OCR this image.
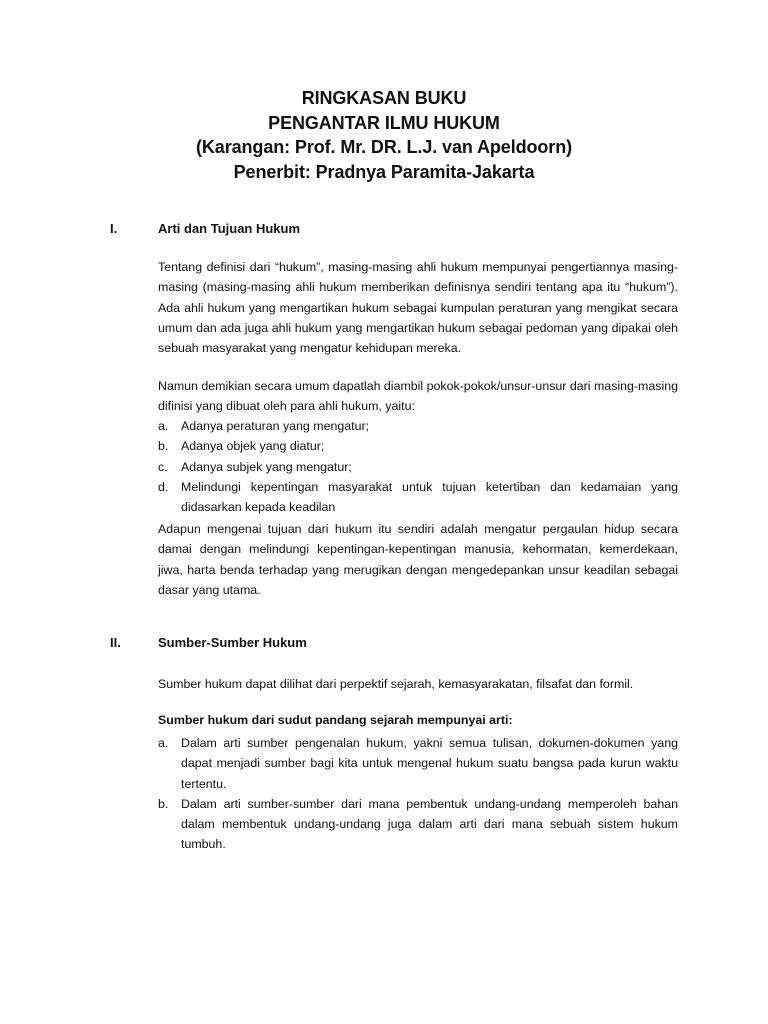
RINGKASAN BUKU
PENGANTAR ILMU HUKUM
(Karangan: Prof. Mr. DR. L.J. van Apeldoorn)
Penerbit: Pradnya Paramita-Jakarta
I.	Arti dan Tujuan Hukum
Tentang definisi dari “hukum”, masing-masing ahli hukum mempunyai pengertiannya masing-masing (masing-masing ahli hukum memberikan definisnya sendiri tentang apa itu “hukum”). Ada ahli hukum yang mengartikan hukum sebagai kumpulan peraturan yang mengikat secara umum dan ada juga ahli hukum yang mengartikan hukum sebagai pedoman yang dipakai oleh sebuah masyarakat yang mengatur kehidupan mereka.
Namun demikian secara umum dapatlah diambil pokok-pokok/unsur-unsur dari masing-masing difinisi yang dibuat oleh para ahli hukum, yaitu:
a. Adanya peraturan yang mengatur;
b. Adanya objek yang diatur;
c. Adanya subjek yang mengatur;
d. Melindungi kepentingan masyarakat untuk tujuan ketertiban dan kedamaian yang didasarkan kepada keadilan
Adapun mengenai tujuan dari hukum itu sendiri adalah mengatur pergaulan hidup secara damai dengan melindungi kepentingan-kepentingan manusia, kehormatan, kemerdekaan, jiwa, harta benda terhadap yang merugikan dengan mengedepankan unsur keadilan sebagai dasar yang utama.
II.	Sumber-Sumber Hukum
Sumber hukum dapat dilihat dari perpektif sejarah, kemasyarakatan, filsafat dan formil.
Sumber hukum dari sudut pandang sejarah mempunyai arti:
a. Dalam arti sumber pengenalan hukum, yakni semua tulisan, dokumen-dokumen yang dapat menjadi sumber bagi kita untuk mengenal hukum suatu bangsa pada kurun waktu tertentu.
b. Dalam arti sumber-sumber dari mana pembentuk undang-undang memperoleh bahan dalam membentuk undang-undang juga dalam arti dari mana sebuah sistem hukum tumbuh.
